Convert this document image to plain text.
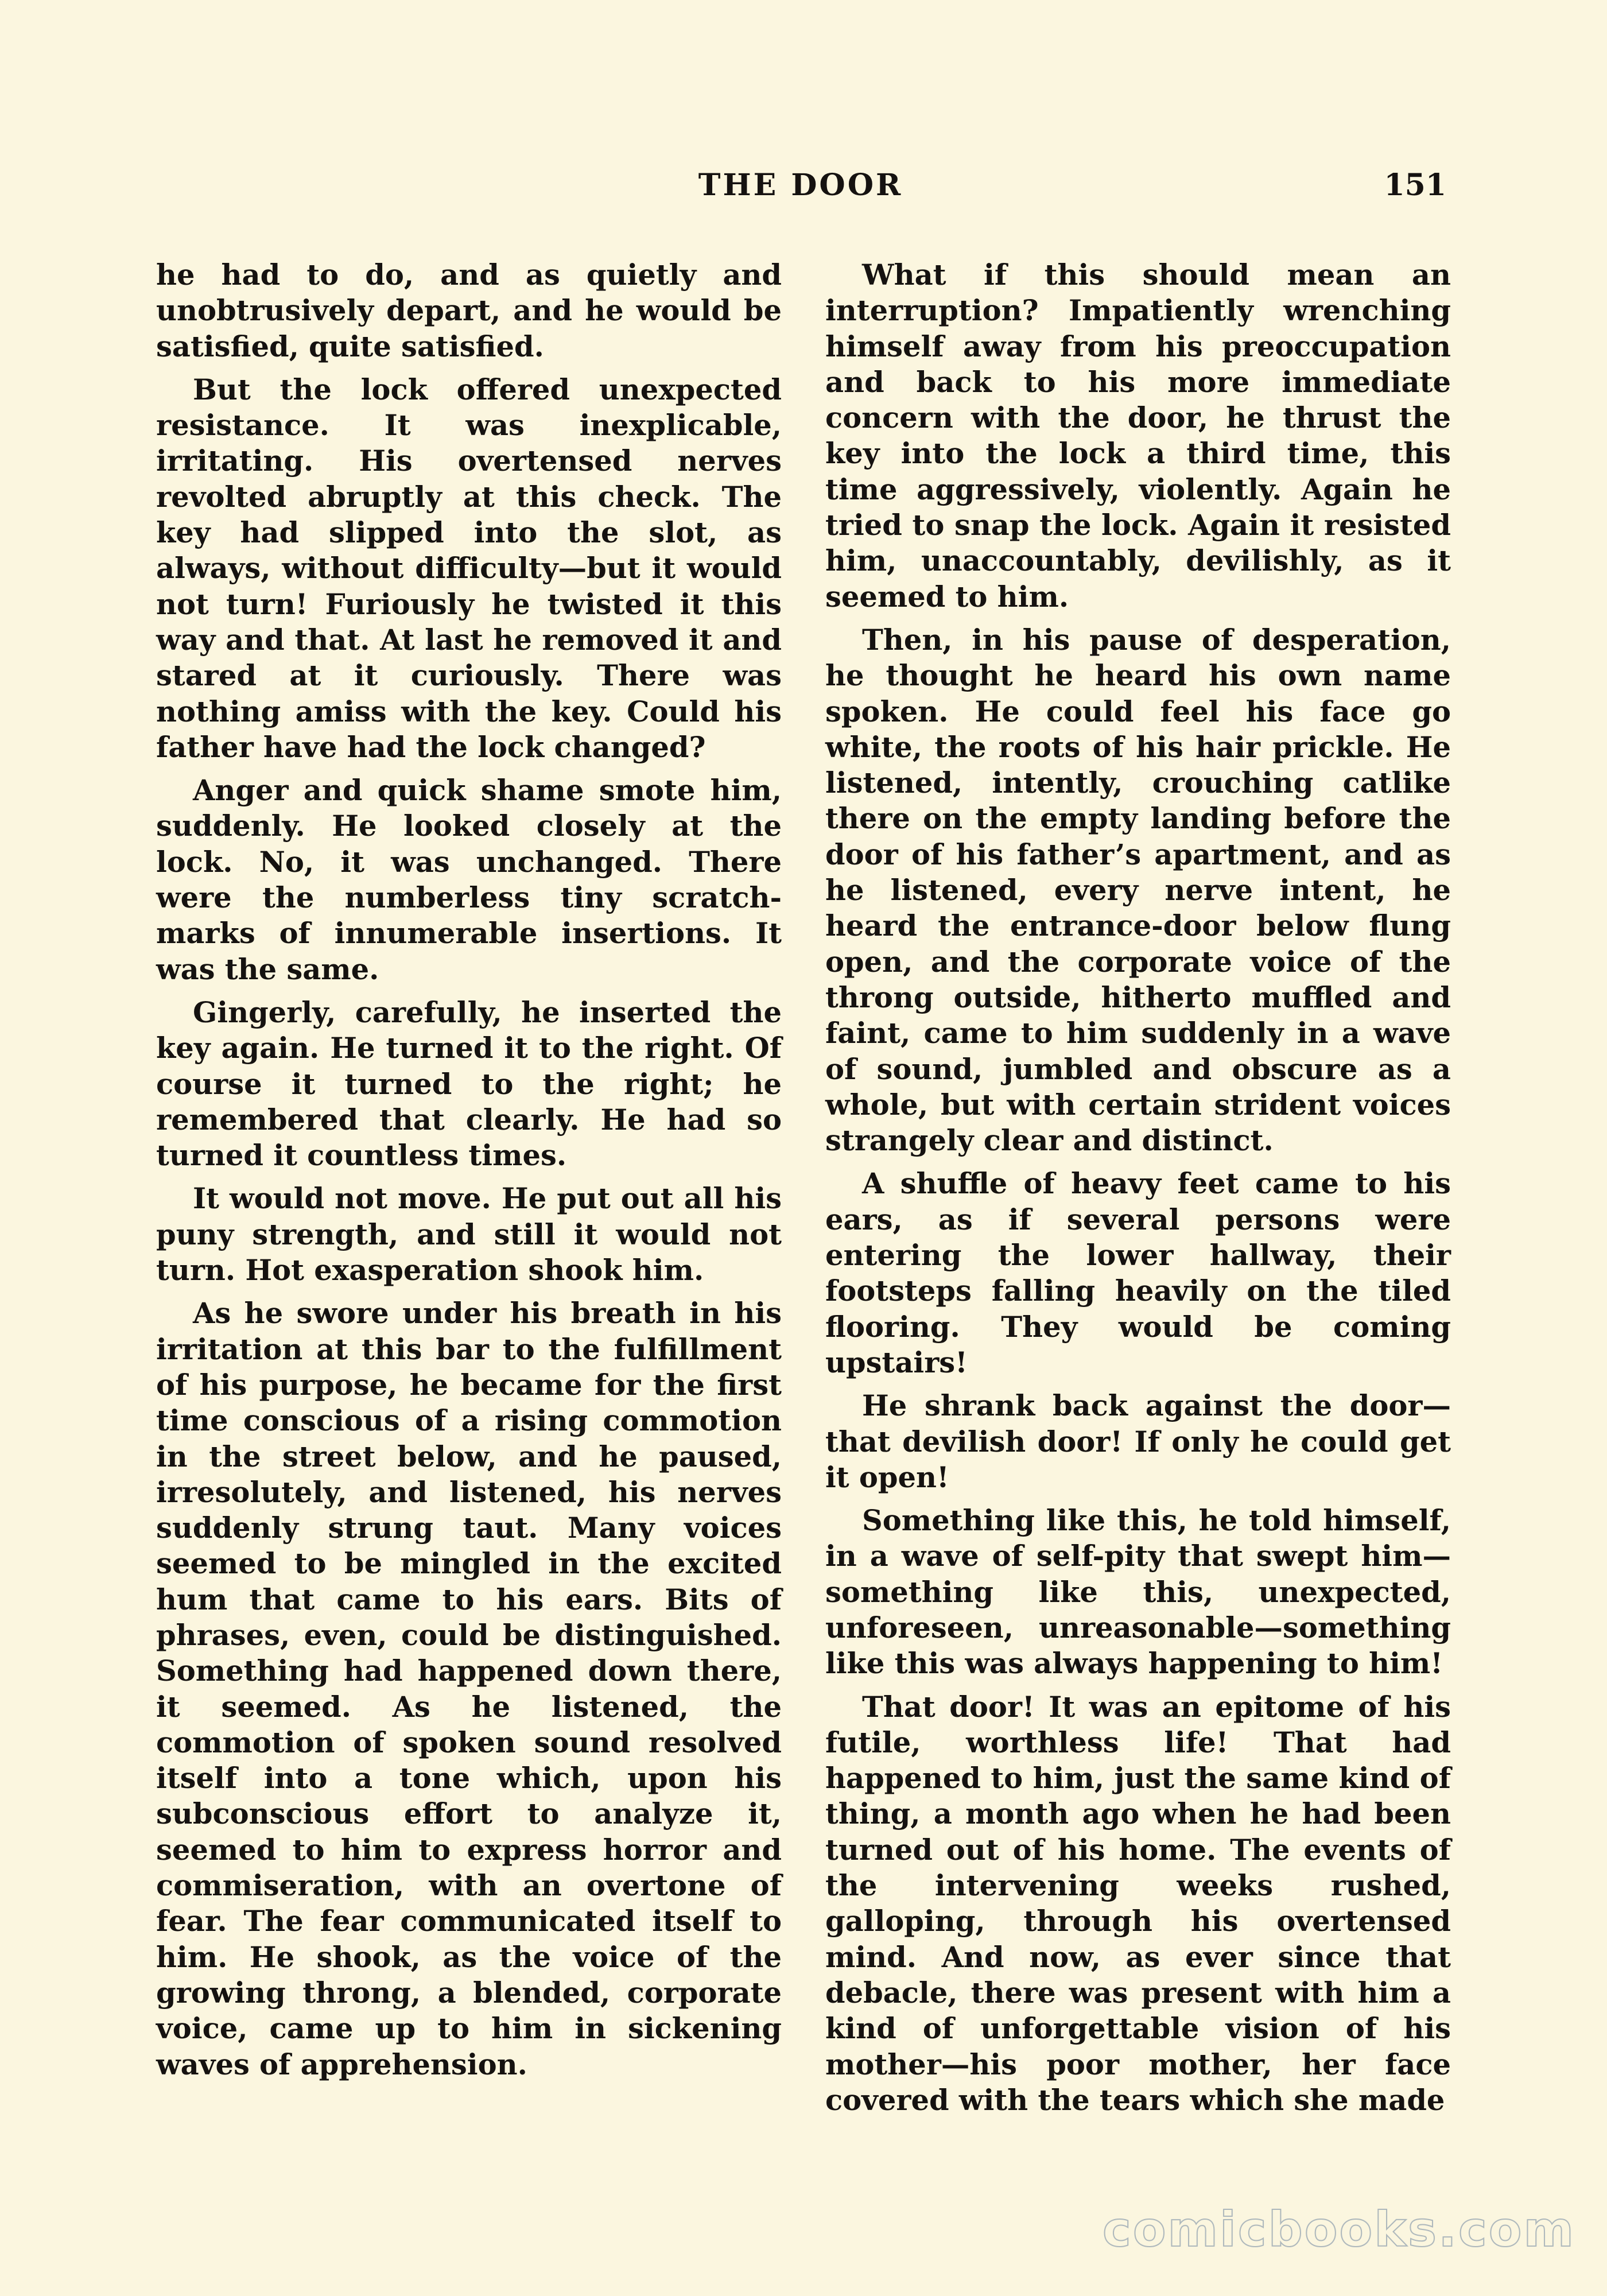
THE DOOR	151

he had to do, and as quietly and unobtrusively depart, and he would be satisfied, quite satisfied.

But the lock offered unexpected resistance. It was inexplicable, irritating. His overtensed nerves revolted abruptly at this check. The key had slipped into the slot, as always, without difficulty—but it would not turn! Furiously he twisted it this way and that. At last he removed it and stared at it curiously. There was nothing amiss with the key. Could his father have had the lock changed?

Anger and quick shame smote him, suddenly. He looked closely at the lock. No, it was unchanged. There were the numberless tiny scratch-marks of innumerable insertions. It was the same.

Gingerly, carefully, he inserted the key again. He turned it to the right. Of course it turned to the right; he remembered that clearly. He had so turned it countless times.

It would not move. He put out all his puny strength, and still it would not turn. Hot exasperation shook him.

As he swore under his breath in his irritation at this bar to the fulfillment of his purpose, he became for the first time conscious of a rising commotion in the street below, and he paused, irresolutely, and listened, his nerves suddenly strung taut. Many voices seemed to be mingled in the excited hum that came to his ears. Bits of phrases, even, could be distinguished. Something had happened down there, it seemed. As he listened, the commotion of spoken sound resolved itself into a tone which, upon his subconscious effort to analyze it, seemed to him to express horror and commiseration, with an overtone of fear. The fear communicated itself to him. He shook, as the voice of the growing throng, a blended, corporate voice, came up to him in sickening waves of apprehension.

What if this should mean an interruption? Impatiently wrenching himself away from his preoccupation and back to his more immediate concern with the door, he thrust the key into the lock a third time, this time aggressively, violently. Again he tried to snap the lock. Again it resisted him, unaccountably, devilishly, as it seemed to him.

Then, in his pause of desperation, he thought he heard his own name spoken. He could feel his face go white, the roots of his hair prickle. He listened, intently, crouching catlike there on the empty landing before the door of his father’s apartment, and as he listened, every nerve intent, he heard the entrance-door below flung open, and the corporate voice of the throng outside, hitherto muffled and faint, came to him suddenly in a wave of sound, jumbled and obscure as a whole, but with certain strident voices strangely clear and distinct.

A shuffle of heavy feet came to his ears, as if several persons were entering the lower hallway, their footsteps falling heavily on the tiled flooring. They would be coming upstairs!

He shrank back against the door—that devilish door! If only he could get it open!

Something like this, he told himself, in a wave of self-pity that swept him—something like this, unexpected, unforeseen, unreasonable—something like this was always happening to him!

That door! It was an epitome of his futile, worthless life! That had happened to him, just the same kind of thing, a month ago when he had been turned out of his home. The events of the intervening weeks rushed, galloping, through his overtensed mind. And now, as ever since that debacle, there was present with him a kind of unforgettable vision of his mother—his poor mother, her face covered with the tears which she made

comicbooks.com
